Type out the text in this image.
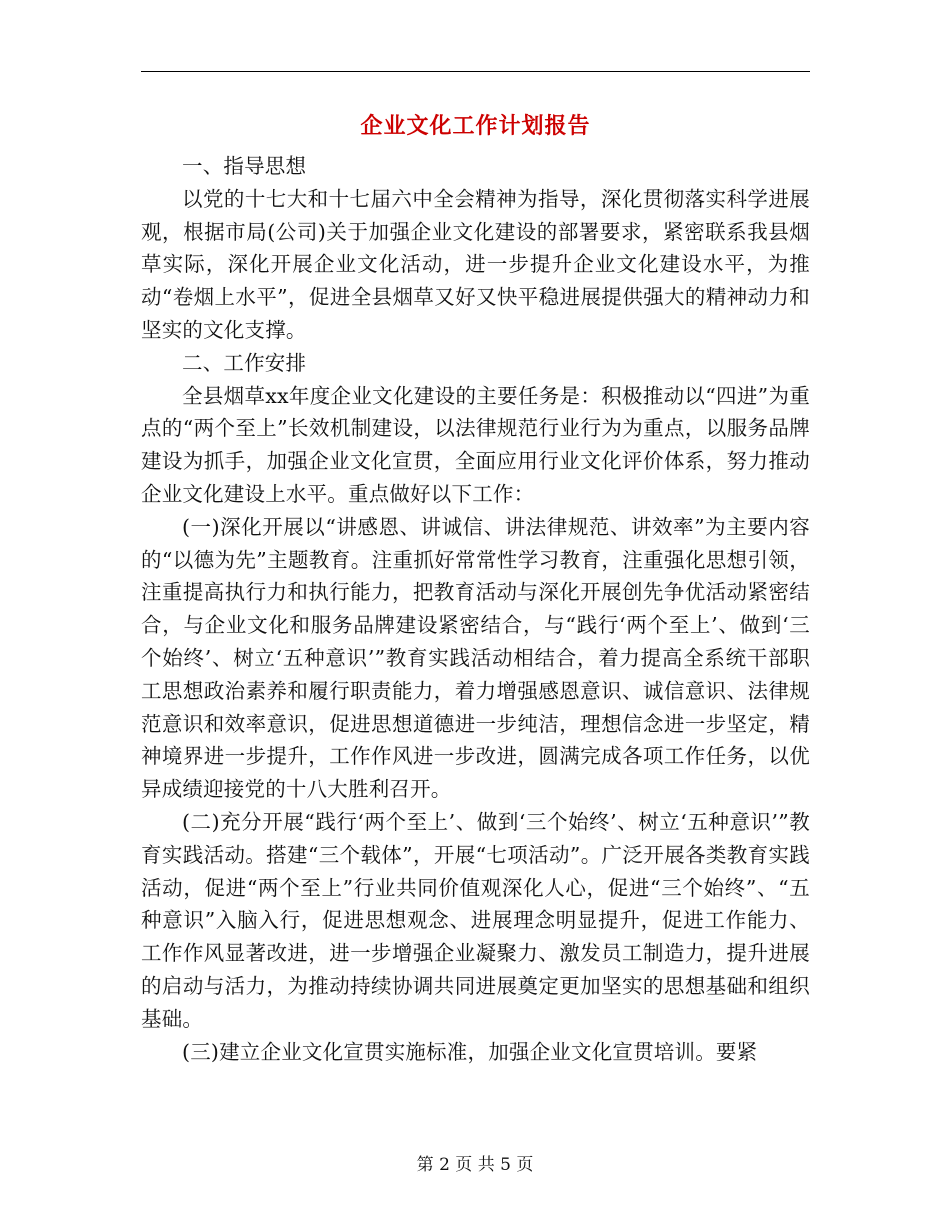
企业文化工作计划报告

一、指导思想

以党的十七大和十七届六中全会精神为指导，深化贯彻落实科学进展观，根据市局(公司)关于加强企业文化建设的部署要求，紧密联系我县烟草实际，深化开展企业文化活动，进一步提升企业文化建设水平，为推动“卷烟上水平”，促进全县烟草又好又快平稳进展提供强大的精神动力和坚实的文化支撑。

二、工作安排

全县烟草xx年度企业文化建设的主要任务是：积极推动以“四进”为重点的“两个至上”长效机制建设，以法律规范行业行为为重点，以服务品牌建设为抓手，加强企业文化宣贯，全面应用行业文化评价体系，努力推动企业文化建设上水平。重点做好以下工作：

(一)深化开展以“讲感恩、讲诚信、讲法律规范、讲效率”为主要内容的“以德为先”主题教育。注重抓好常常性学习教育，注重强化思想引领，注重提高执行力和执行能力，把教育活动与深化开展创先争优活动紧密结合，与企业文化和服务品牌建设紧密结合，与“践行‘两个至上’、做到‘三个始终’、树立‘五种意识’”教育实践活动相结合，着力提高全系统干部职工思想政治素养和履行职责能力，着力增强感恩意识、诚信意识、法律规范意识和效率意识，促进思想道德进一步纯洁，理想信念进一步坚定，精神境界进一步提升，工作作风进一步改进，圆满完成各项工作任务，以优异成绩迎接党的十八大胜利召开。

(二)充分开展“践行‘两个至上’、做到‘三个始终’、树立‘五种意识’”教育实践活动。搭建“三个载体”，开展“七项活动”。广泛开展各类教育实践活动，促进“两个至上”行业共同价值观深化人心，促进“三个始终”、“五种意识”入脑入行，促进思想观念、进展理念明显提升，促进工作能力、工作作风显著改进，进一步增强企业凝聚力、激发员工制造力，提升进展的启动与活力，为推动持续协调共同进展奠定更加坚实的思想基础和组织基础。

(三)建立企业文化宣贯实施标准，加强企业文化宣贯培训。要紧

第 2 页 共 5 页
